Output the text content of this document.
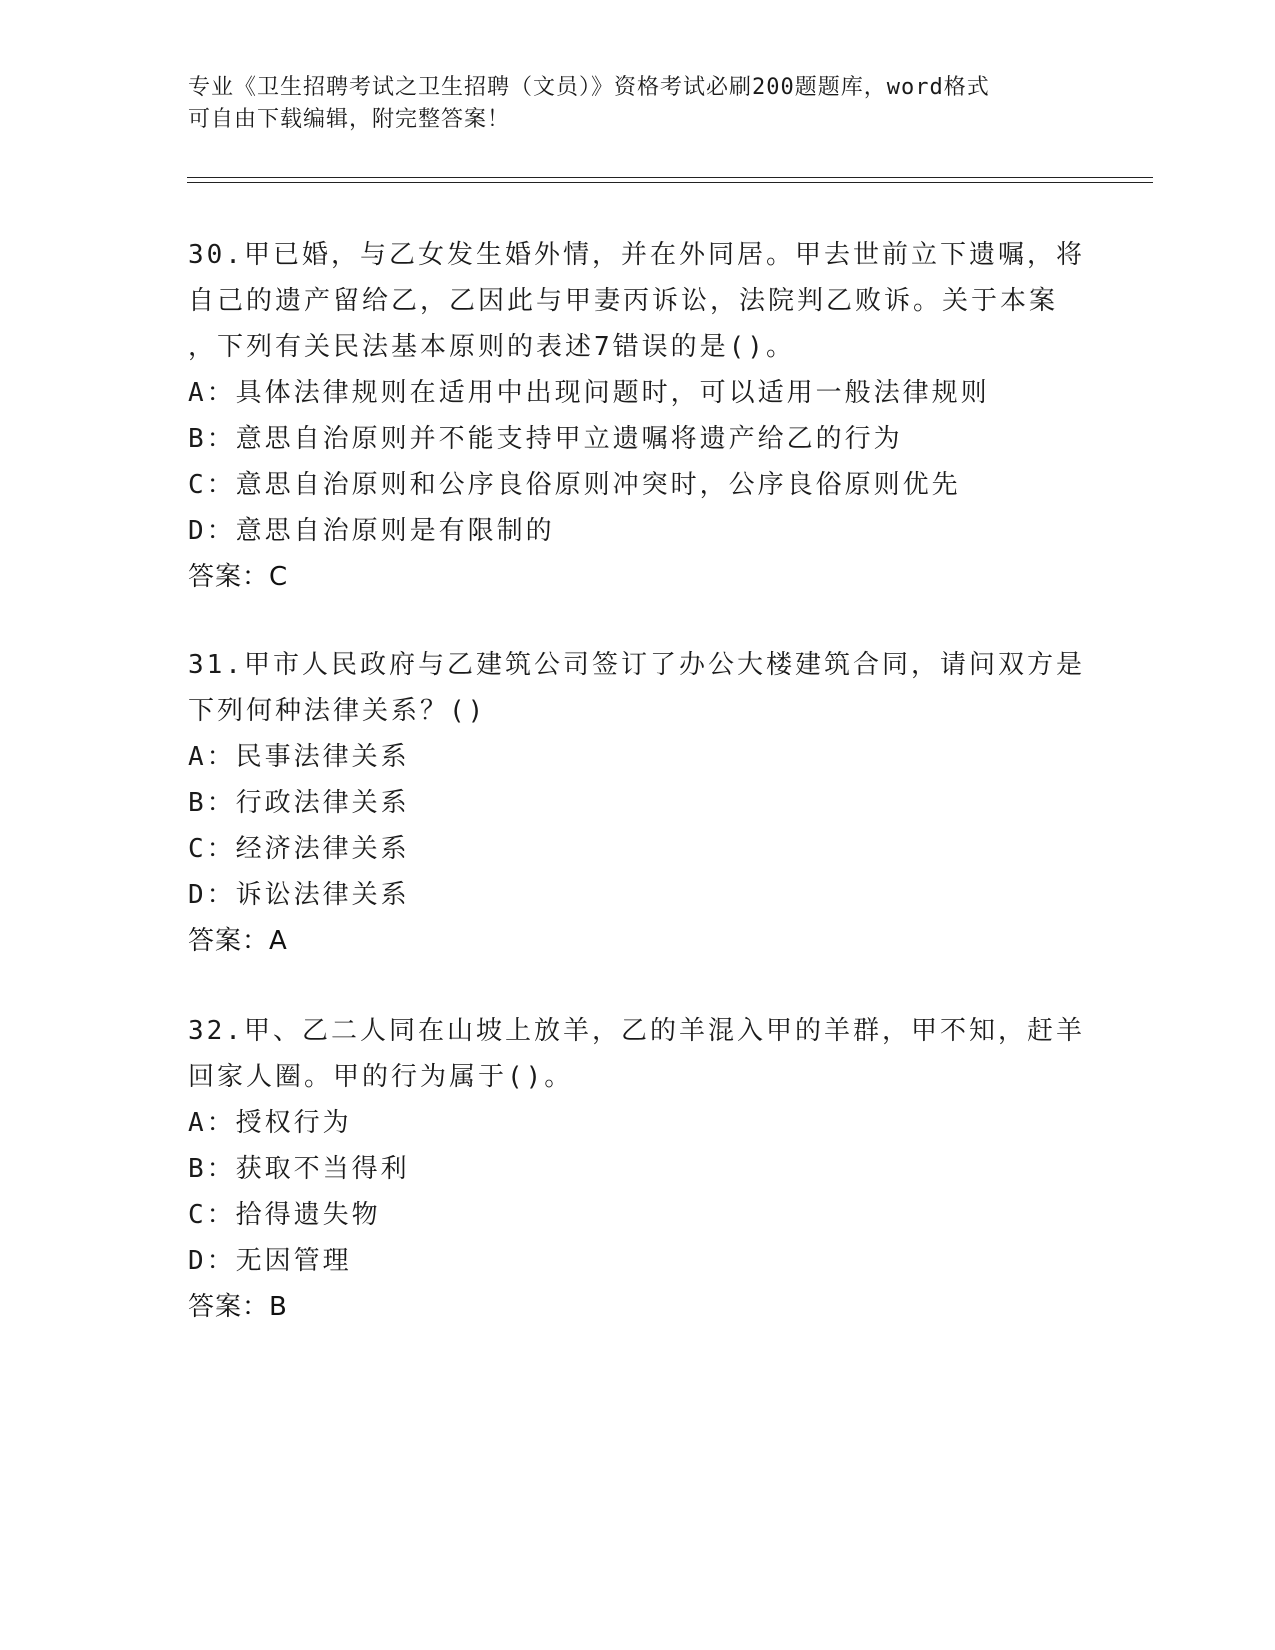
专业《卫生招聘考试之卫生招聘（文员）》资格考试必刷200题题库，word格式
可自由下载编辑，附完整答案！
30.甲已婚，与乙女发生婚外情，并在外同居。甲去世前立下遗嘱，将
自己的遗产留给乙，乙因此与甲妻丙诉讼，法院判乙败诉。关于本案
，下列有关民法基本原则的表述7错误的是()。
A：具体法律规则在适用中出现问题时，可以适用一般法律规则
B：意思自治原则并不能支持甲立遗嘱将遗产给乙的行为
C：意思自治原则和公序良俗原则冲突时，公序良俗原则优先
D：意思自治原则是有限制的
答案：C
31.甲市人民政府与乙建筑公司签订了办公大楼建筑合同，请问双方是
下列何种法律关系？()
A：民事法律关系
B：行政法律关系
C：经济法律关系
D：诉讼法律关系
答案：A
32.甲、乙二人同在山坡上放羊，乙的羊混入甲的羊群，甲不知，赶羊
回家人圈。甲的行为属于()。
A：授权行为
B：获取不当得利
C：拾得遗失物
D：无因管理
答案：B
